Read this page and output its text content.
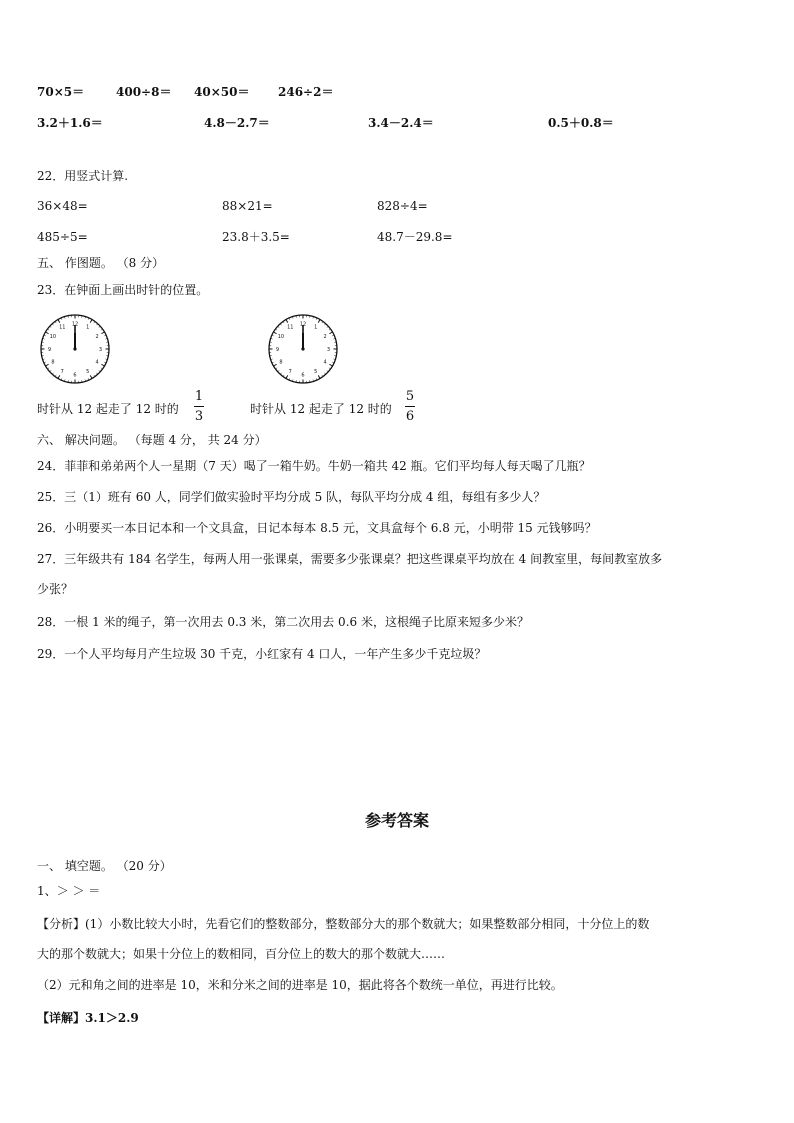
70×5＝	400÷8＝ 40×50＝ 246÷2＝
3.2＋1.6＝	4.8－2.7＝	3.4－2.4＝	0.5＋0.8＝
22．用竖式计算.
36×48=	88×21=	828÷4=
485÷5=	23.8＋3.5=	48.7－29.8=
五、 作图题。 （8 分）
23．在钟面上画出时针的位置。
12
1
2
3
4
5
6
7
8
9
10
11
12
1
2
3
4
5
6
7
8
9
10
11
时针从 12 起走了 12 时的
1
3	时针从 12 起走了 12 时的
5
6
六、 解决问题。 （每题 4 分， 共 24 分）
24．菲菲和弟弟两个人一星期（7 天）喝了一箱牛奶。牛奶一箱共 42 瓶。它们平均每人每天喝了几瓶？
25．三（1）班有 60 人，同学们做实验时平均分成 5 队，每队平均分成 4 组，每组有多少人？
26．小明要买一本日记本和一个文具盒，日记本每本 8.5 元，文具盒每个 6.8 元，小明带 15 元钱够吗？
27．三年级共有 184 名学生，每两人用一张课桌，需要多少张课桌？把这些课桌平均放在 4 间教室里，每间教室放多
少张？
28．一根 1 米的绳子，第一次用去 0.3 米，第二次用去 0.6 米，这根绳子比原来短多少米？
29．一个人平均每月产生垃圾 30 千克，小红家有 4 口人，一年产生多少千克垃圾？
参考答案
一、 填空题。 （20 分）
1、＞ ＞ ＝
【分析】(1）小数比较大小时，先看它们的整数部分，整数部分大的那个数就大；如果整数部分相同，十分位上的数
大的那个数就大；如果十分位上的数相同，百分位上的数大的那个数就大……
（2）元和角之间的进率是 10，米和分米之间的进率是 10，据此将各个数统一单位，再进行比较。
【详解】3.1＞2.9
